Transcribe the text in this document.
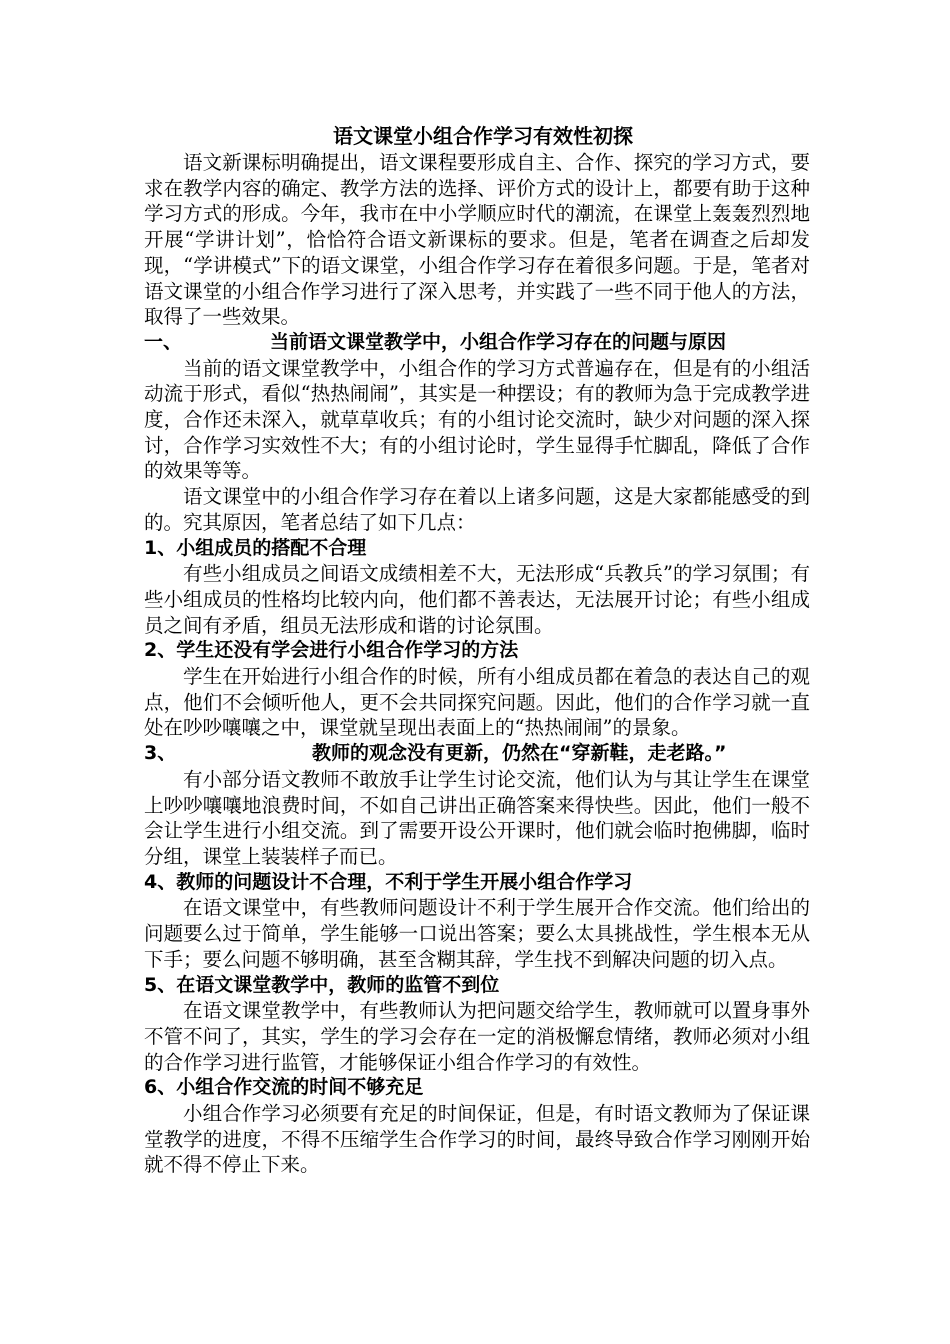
语文课堂小组合作学习有效性初探

语文新课标明确提出，语文课程要形成自主、合作、探究的学习方式，要求在教学内容的确定、教学方法的选择、评价方式的设计上，都要有助于这种学习方式的形成。今年，我市在中小学顺应时代的潮流，在课堂上轰轰烈烈地开展“学讲计划”，恰恰符合语文新课标的要求。但是，笔者在调查之后却发现，“学讲模式”下的语文课堂，小组合作学习存在着很多问题。于是，笔者对语文课堂的小组合作学习进行了深入思考，并实践了一些不同于他人的方法，取得了一些效果。

一、	当前语文课堂教学中，小组合作学习存在的问题与原因

当前的语文课堂教学中，小组合作的学习方式普遍存在，但是有的小组活动流于形式，看似“热热闹闹”，其实是一种摆设；有的教师为急于完成教学进度，合作还未深入，就草草收兵；有的小组讨论交流时，缺少对问题的深入探讨，合作学习实效性不大；有的小组讨论时，学生显得手忙脚乱，降低了合作的效果等等。

语文课堂中的小组合作学习存在着以上诸多问题，这是大家都能感受的到的。究其原因，笔者总结了如下几点：

1、小组成员的搭配不合理

有些小组成员之间语文成绩相差不大，无法形成“兵教兵”的学习氛围；有些小组成员的性格均比较内向，他们都不善表达，无法展开讨论；有些小组成员之间有矛盾，组员无法形成和谐的讨论氛围。

2、学生还没有学会进行小组合作学习的方法

学生在开始进行小组合作的时候，所有小组成员都在着急的表达自己的观点，他们不会倾听他人，更不会共同探究问题。因此，他们的合作学习就一直处在吵吵嚷嚷之中，课堂就呈现出表面上的“热热闹闹”的景象。

3、	教师的观念没有更新，仍然在“穿新鞋，走老路。”

有小部分语文教师不敢放手让学生讨论交流，他们认为与其让学生在课堂上吵吵嚷嚷地浪费时间，不如自己讲出正确答案来得快些。因此，他们一般不会让学生进行小组交流。到了需要开设公开课时，他们就会临时抱佛脚，临时分组，课堂上装装样子而已。

4、教师的问题设计不合理，不利于学生开展小组合作学习

在语文课堂中，有些教师问题设计不利于学生展开合作交流。他们给出的问题要么过于简单，学生能够一口说出答案；要么太具挑战性，学生根本无从下手；要么问题不够明确，甚至含糊其辞，学生找不到解决问题的切入点。

5、在语文课堂教学中，教师的监管不到位

在语文课堂教学中，有些教师认为把问题交给学生，教师就可以置身事外不管不问了，其实，学生的学习会存在一定的消极懈怠情绪，教师必须对小组的合作学习进行监管，才能够保证小组合作学习的有效性。

6、小组合作交流的时间不够充足

小组合作学习必须要有充足的时间保证，但是，有时语文教师为了保证课堂教学的进度，不得不压缩学生合作学习的时间，最终导致合作学习刚刚开始就不得不停止下来。
